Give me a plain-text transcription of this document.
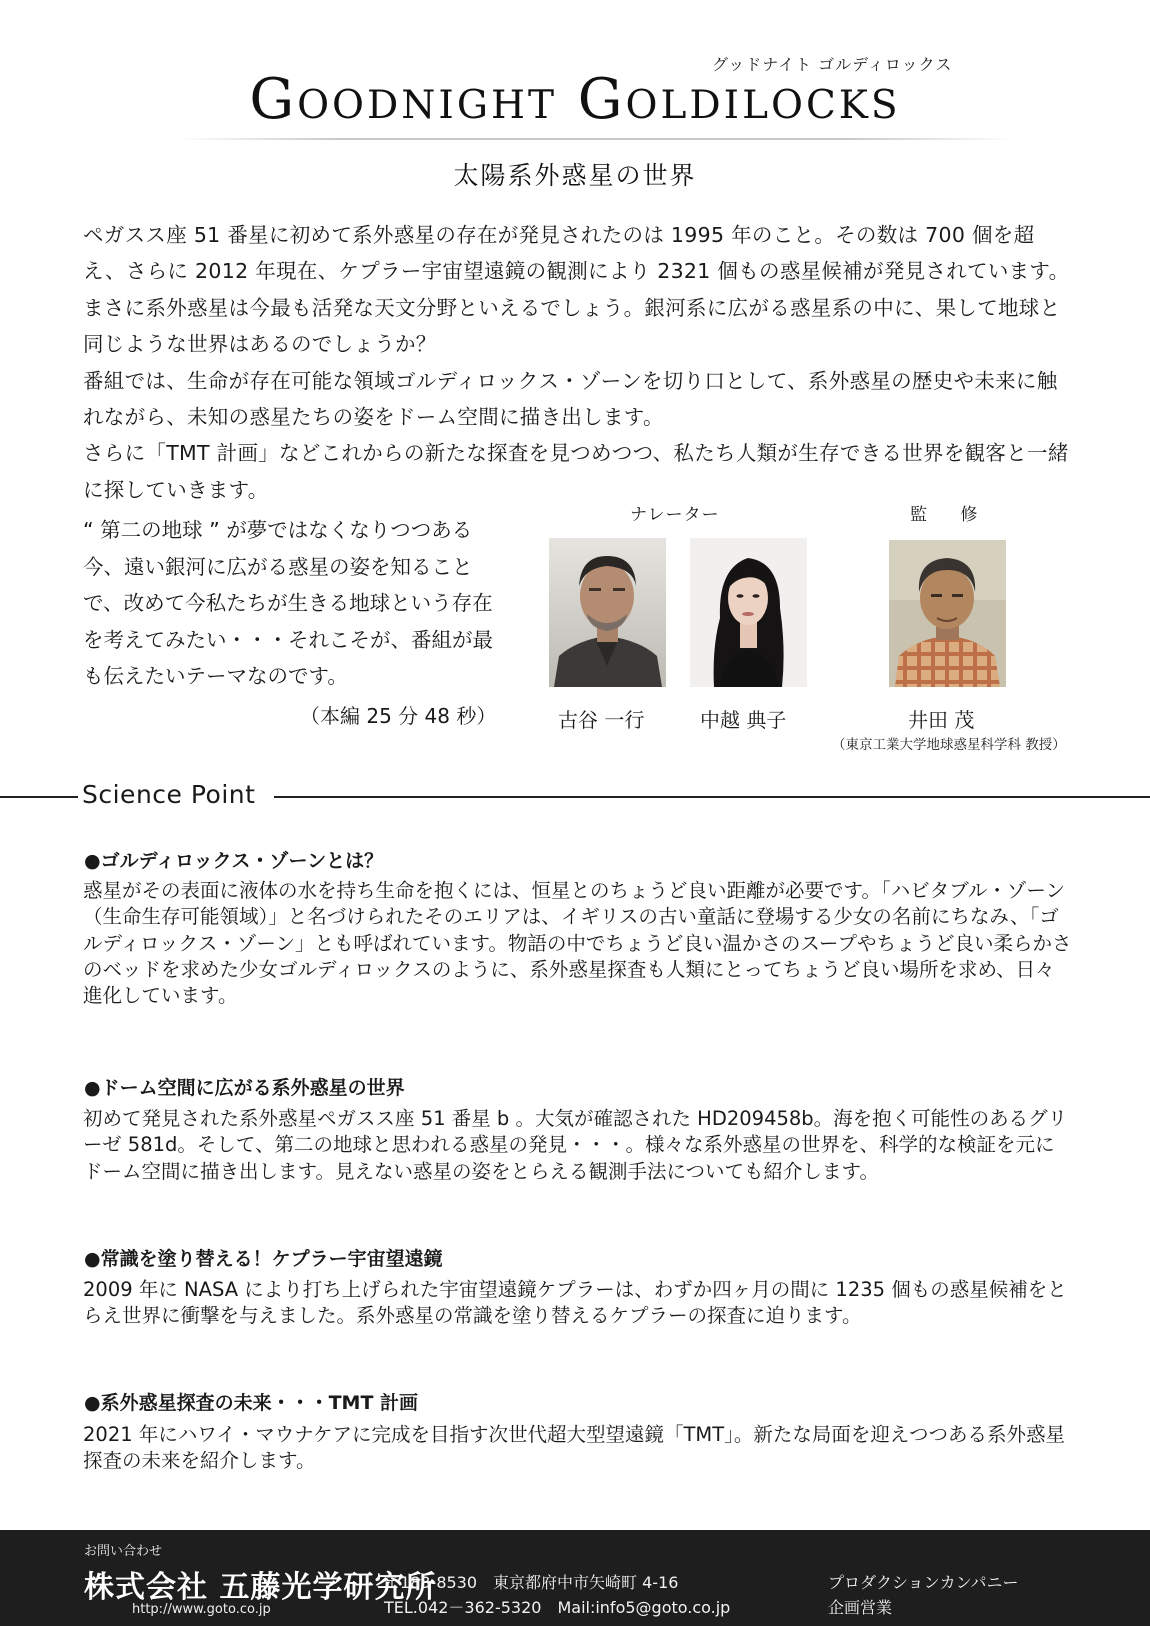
グッドナイト ゴルディロックス
Goodnight Goldilocks
太陽系外惑星の世界

ペガスス座 51 番星に初めて系外惑星の存在が発見されたのは 1995 年のこと。その数は 700 個を超え、さらに 2012 年現在、ケプラー宇宙望遠鏡の観測により 2321 個もの惑星候補が発見されています。まさに系外惑星は今最も活発な天文分野といえるでしょう。銀河系に広がる惑星系の中に、果して地球と同じような世界はあるのでしょうか？

番組では、生命が存在可能な領域ゴルディロックス・ゾーンを切り口として、系外惑星の歴史や未来に触れながら、未知の惑星たちの姿をドーム空間に描き出します。

さらに「TMT 計画」などこれからの新たな探査を見つめつつ、私たち人類が生存できる世界を観客と一緒に探していきます。

“ 第二の地球 ” が夢ではなくなりつつある今、遠い銀河に広がる惑星の姿を知ることで、改めて今私たちが生きる地球という存在を考えてみたい・・・それこそが、番組が最も伝えたいテーマなのです。

（本編 25 分 48 秒）
ナレーター	監 修
古谷 一行	中越 典子	井田 茂
（東京工業大学地球惑星科学科 教授）
Science Point
●ゴルディロックス・ゾーンとは？

惑星がその表面に液体の水を持ち生命を抱くには、恒星とのちょうど良い距離が必要です。「ハビタブル・ゾーン（生命生存可能領域）」と名づけられたそのエリアは、イギリスの古い童話に登場する少女の名前にちなみ、「ゴルディロックス・ゾーン」とも呼ばれています。物語の中でちょうど良い温かさのスープやちょうど良い柔らかさのベッドを求めた少女ゴルディロックスのように、系外惑星探査も人類にとってちょうど良い場所を求め、日々進化しています。

●ドーム空間に広がる系外惑星の世界

初めて発見された系外惑星ペガスス座 51 番星 b 。大気が確認された HD209458b。海を抱く可能性のあるグリーゼ 581d。そして、第二の地球と思われる惑星の発見・・・。様々な系外惑星の世界を、科学的な検証を元にドーム空間に描き出します。見えない惑星の姿をとらえる観測手法についても紹介します。

●常識を塗り替える！ケプラー宇宙望遠鏡

2009 年に NASA により打ち上げられた宇宙望遠鏡ケプラーは、わずか四ヶ月の間に 1235 個もの惑星候補をとらえ世界に衝撃を与えました。系外惑星の常識を塗り替えるケプラーの探査に迫ります。

●系外惑星探査の未来・・・TMT 計画

2021 年にハワイ・マウナケアに完成を目指す次世代超大型望遠鏡「TMT」。新たな局面を迎えつつある系外惑星探査の未来を紹介します。

お問い合わせ
株式会社 五藤光学研究所
http://www.goto.co.jp
〒183-8530　東京都府中市矢崎町 4-16
TEL.042－362-5320　Mail:info5@goto.co.jp
プロダクションカンパニー
企画営業
